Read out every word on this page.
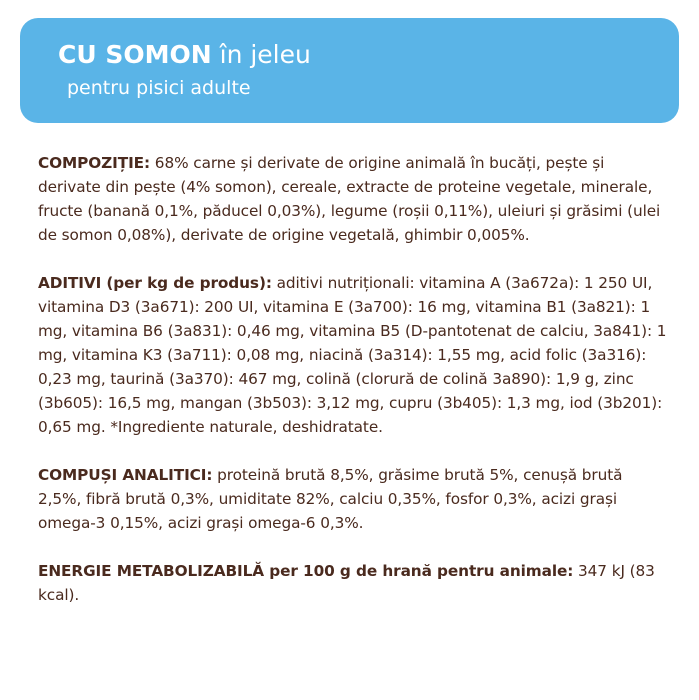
CU SOMON în jeleu
pentru pisici adulte

COMPOZIȚIE: 68% carne și derivate de origine animală în bucăți, pește și derivate din pește (4% somon), cereale, extracte de proteine vegetale, minerale, fructe (banană 0,1%, păducel 0,03%), legume (roșii 0,11%), uleiuri și grăsimi (ulei de somon 0,08%), derivate de origine vegetală, ghimbir 0,005%.

ADITIVI (per kg de produs): aditivi nutriționali: vitamina A (3a672a): 1 250 UI, vitamina D3 (3a671): 200 UI, vitamina E (3a700): 16 mg, vitamina B1 (3a821): 1 mg, vitamina B6 (3a831): 0,46 mg, vitamina B5 (D-pantotenat de calciu, 3a841): 1 mg, vitamina K3 (3a711): 0,08 mg, niacină (3a314): 1,55 mg, acid folic (3a316): 0,23 mg, taurină (3a370): 467 mg, colină (clorură de colină 3a890): 1,9 g, zinc (3b605): 16,5 mg, mangan (3b503): 3,12 mg, cupru (3b405): 1,3 mg, iod (3b201): 0,65 mg. *Ingrediente naturale, deshidratate.

COMPUȘI ANALITICI: proteină brută 8,5%, grăsime brută 5%, cenușă brută 2,5%, fibră brută 0,3%, umiditate 82%, calciu 0,35%, fosfor 0,3%, acizi grași omega-3 0,15%, acizi grași omega-6 0,3%.

ENERGIE METABOLIZABILĂ per 100 g de hrană pentru animale: 347 kJ (83 kcal).
